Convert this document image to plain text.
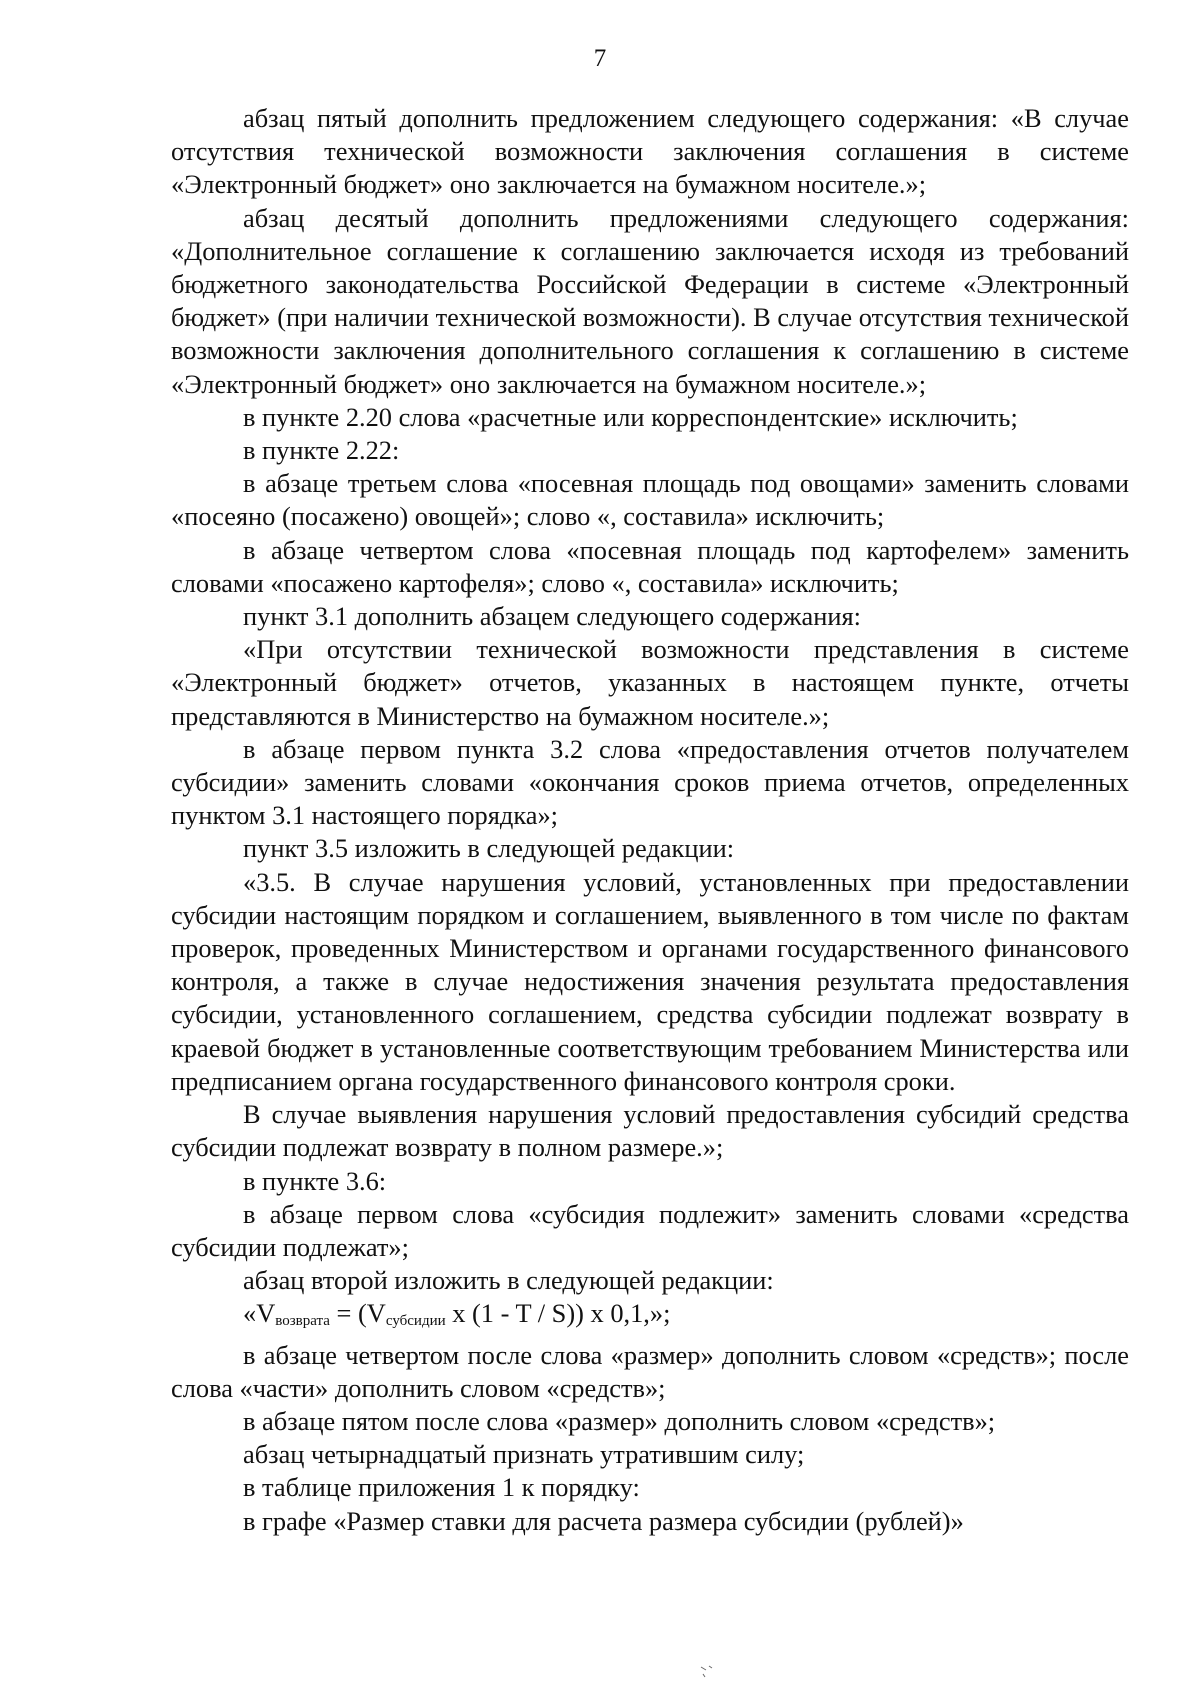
7

абзац пятый дополнить предложением следующего содержания: «В случае отсутствия технической возможности заключения соглашения в системе «Электронный бюджет» оно заключается на бумажном носителе.»;

абзац десятый дополнить предложениями следующего содержания: «Дополнительное соглашение к соглашению заключается исходя из требований бюджетного законодательства Российской Федерации в системе «Электронный бюджет» (при наличии технической возможности). В случае отсутствия технической возможности заключения дополнительного соглашения к соглашению в системе «Электронный бюджет» оно заключается на бумажном носителе.»;

в пункте 2.20 слова «расчетные или корреспондентские» исключить;

в пункте 2.22:

в абзаце третьем слова «посевная площадь под овощами» заменить словами «посеяно (посажено) овощей»; слово «, составила» исключить;

в абзаце четвертом слова «посевная площадь под картофелем» заменить словами «посажено картофеля»; слово «, составила» исключить;

пункт 3.1 дополнить абзацем следующего содержания:

«При отсутствии технической возможности представления в системе «Электронный бюджет» отчетов, указанных в настоящем пункте, отчеты представляются в Министерство на бумажном носителе.»;

в абзаце первом пункта 3.2 слова «предоставления отчетов получателем субсидии» заменить словами «окончания сроков приема отчетов, определенных пунктом 3.1 настоящего порядка»;

пункт 3.5 изложить в следующей редакции:

«3.5. В случае нарушения условий, установленных при предоставлении субсидии настоящим порядком и соглашением, выявленного в том числе по фактам проверок, проведенных Министерством и органами государственного финансового контроля, а также в случае недостижения значения результата предоставления субсидии, установленного соглашением, средства субсидии подлежат возврату в краевой бюджет в установленные соответствующим требованием Министерства или предписанием органа государственного финансового контроля сроки.

В случае выявления нарушения условий предоставления субсидий средства субсидии подлежат возврату в полном размере.»;

в пункте 3.6:

в абзаце первом слова «субсидия подлежит» заменить словами «средства субсидии подлежат»;

абзац второй изложить в следующей редакции:

«Vвозврата = (Vсубсидии x (1 - T / S)) x 0,1,»;

в абзаце четвертом после слова «размер» дополнить словом «средств»; после слова «части» дополнить словом «средств»;

в абзаце пятом после слова «размер» дополнить словом «средств»;

абзац четырнадцатый признать утратившим силу;

в таблице приложения 1 к порядку:

в графе «Размер ставки для расчета размера субсидии (рублей)»
